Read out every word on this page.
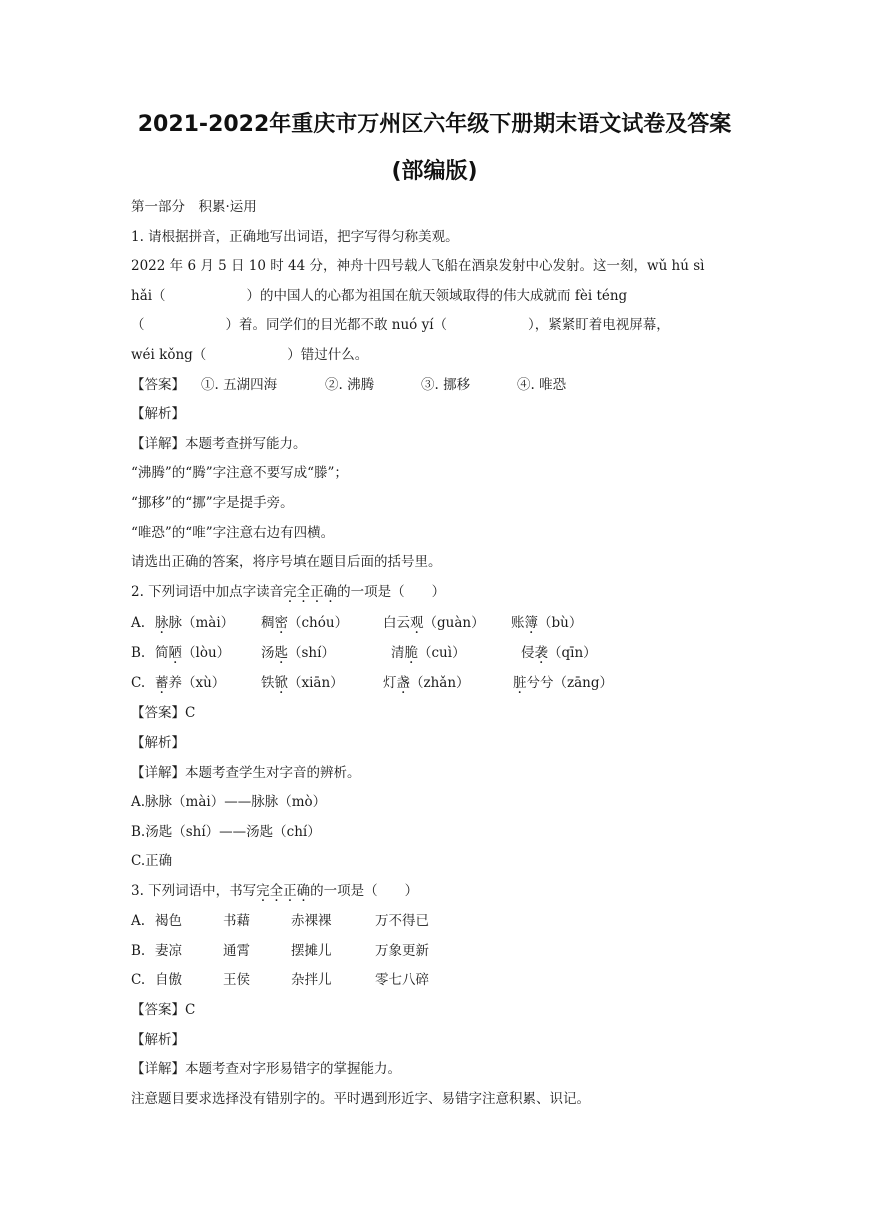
2021-2022年重庆市万州区六年级下册期末语文试卷及答案
(部编版)

第一部分　积累·运用

1. 请根据拼音，正确地写出词语，把字写得匀称美观。

2022 年 6 月 5 日 10 时 44 分，神舟十四号载人飞船在酒泉发射中心发射。这一刻，wǔ hú sì

hǎi（　　　　　　）的中国人的心都为祖国在航天领域取得的伟大成就而 fèi téng

（　　　　　　）着。同学们的目光都不敢 nuó yí（　　　　　　），紧紧盯着电视屏幕，

wéi kǒng（　　　　　　）错过什么。

【答案】 ①. 五湖四海	②. 沸腾	③. 挪移	④. 唯恐

【解析】

【详解】本题考查拼写能力。

“沸腾”的“腾”字注意不要写成“滕”；

“挪移”的“挪”字是提手旁。

“唯恐”的“唯”字注意右边有四横。

请选出正确的答案，将序号填在题目后面的括号里。

2. 下列词语中加点字读音完全正确的一项是（　　）

A. 脉脉（mài） 稠密（chóu）	白云观（guàn） 账簿（bù）

B. 简陋（lòu） 汤匙（shí）	清脆（cuì）	侵袭（qīn）

C. 蓄养（xù）	铁锨（xiān）	灯盏（zhǎn）	脏兮兮（zāng）

【答案】C

【解析】

【详解】本题考查学生对字音的辨析。

A.脉脉（mài）——脉脉（mò）

B.汤匙（shí）——汤匙（chí）

C.正确

3. 下列词语中，书写完全正确的一项是（　　）

A. 褐色	书藉	赤裸裸	万不得已

B. 妻凉	通霄	摆摊儿	万象更新

C. 自傲	王侯	杂拌儿	零七八碎

【答案】C

【解析】

【详解】本题考查对字形易错字的掌握能力。

注意题目要求选择没有错别字的。平时遇到形近字、易错字注意积累、识记。
